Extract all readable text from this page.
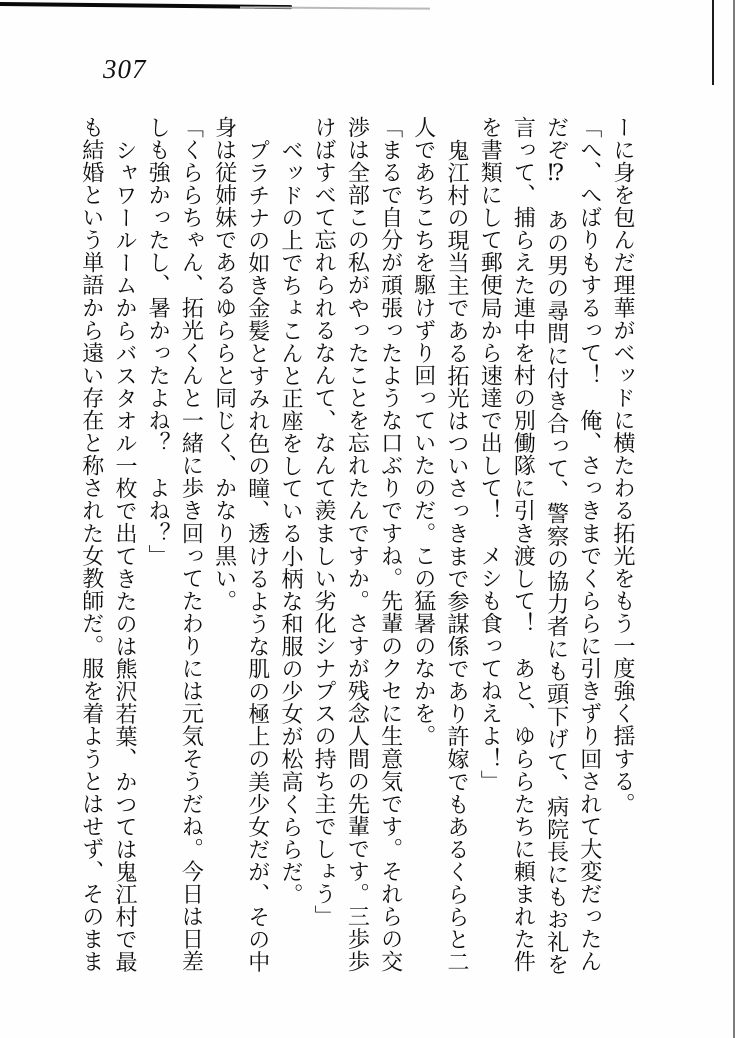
307
ーに身を包んだ理華がベッドに横たわる拓光をもう一度強く揺する。
「へ、へばりもするって！　俺、さっきまでくららに引きずり回されて大変だったん
だぞ⁉　あの男の尋問に付き合って、警察の協力者にも頭下げて、病院長にもお礼を
言って、捕らえた連中を村の別働隊に引き渡して！　あと、ゆららたちに頼まれた件
を書類にして郵便局から速達で出して！　メシも食ってねえよ！」
鬼江村の現当主である拓光はついさっきまで参謀係であり許嫁でもあるくららと二
人であちこちを駆けずり回っていたのだ。この猛暑のなかを。
「まるで自分が頑張ったような口ぶりですね。先輩のクセに生意気です。それらの交
渉は全部この私がやったことを忘れたんですか。さすが残念人間の先輩です。三歩歩
けばすべて忘れられるなんて、なんて羨ましい劣化シナプスの持ち主でしょう」
ベッドの上でちょこんと正座をしている小柄な和服の少女が松高くららだ。
プラチナの如き金髪とすみれ色の瞳、透けるような肌の極上の美少女だが、その中
身は従姉妹であるゆららと同じく、かなり黒い。
「くららちゃん、拓光くんと一緒に歩き回ってたわりには元気そうだね。今日は日差
しも強かったし、暑かったよね？　よね？」
シャワールームからバスタオル一枚で出てきたのは熊沢若葉、かつては鬼江村で最
も結婚という単語から遠い存在と称された女教師だ。服を着ようとはせず、そのまま
